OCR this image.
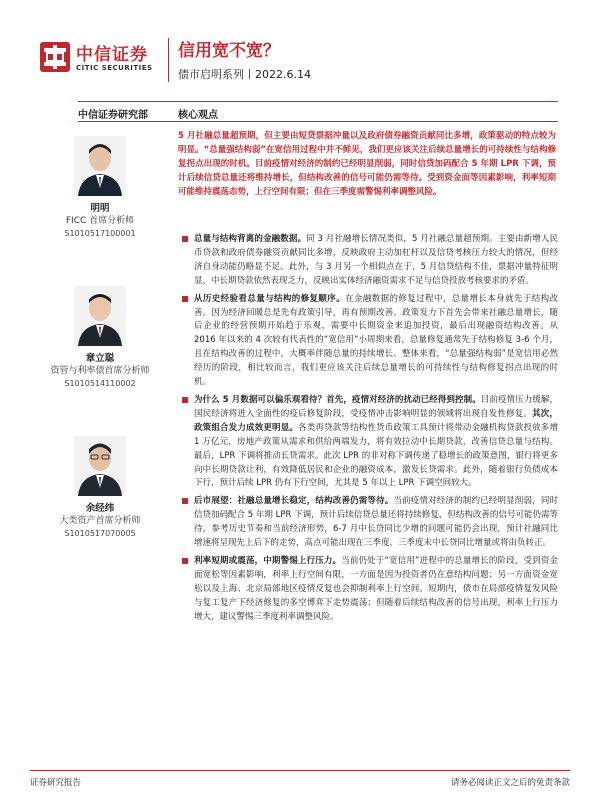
中信证券
CITIC SECURITIES
信用宽不宽？
债市启明系列丨2022.6.14
中信证券研究部	核心观点
明明
FICC 首席分析师
S1010517100001
章立聪
资管与利率债首席分析师
S1010514110002
余经纬
大类资产首席分析师
S1010517070005
5 月社融总量超预期，但主要由短贷票据冲量以及政府债券融资贡献同比多增，政策驱动的特点较为明显。“总量强结构弱”在宽信用过程中并不鲜见，我们更应该关注后续总量增长的可持续性与结构修复拐点出现的时机。目前疫情对经济的制约已经明显削弱，同时信贷加码配合 5 年期 LPR 下调，预计后续信贷总量还将维持增长，但结构改善的信号可能仍需等待。受到资金面等因素影响，利率短期可能维持震荡态势，上行空间有限；但在三季度需警惕利率调整风险。
总量与结构背离的金融数据。同 3 月社融增长情况类似，5 月社融总量超预期。主要由新增人民币贷款和政府债券融资贡献同比多增，反映政府主动加杠杆以及信贷考核压力较大的情况，但经济自身动能仍略显不足。此外，与 3 月另一个相似点在于，5 月信贷结构不佳，票据冲量特征明显，中长期贷款依然表现乏力，反映出实体经济融资需求不足与信贷投放考核要求的矛盾。
从历史经验看总量与结构的修复顺序。在金融数据的修复过程中，总量增长本身就先于结构改善。因为经济回暖总是先有政策引导，再有预期改善。政策发力下首先会带来社融总量增长，随后企业的经营预期开始趋于乐观，需要中长期资金来追加投资，最后出现融资结构改善。从 2016 年以来的 4 次较有代表性的“宽信用”小周期来看，总量修复通常先于结构修复 3-6 个月，且在结构改善的过程中，大概率伴随总量的持续增长。整体来看，“总量强结构弱”是宽信用必然经历的阶段，相比较而言，我们更应该关注后续总量增长的可持续性与结构修复拐点出现的时机。
为什么 5 月数据可以偏乐观看待？首先，疫情对经济的扰动已经得到控制。目前疫情压力缓解，国民经济将进入全面性的疫后修复阶段，受疫情冲击影响明显的领域将出现自发性修复。其次，政策组合发力成效更明显。各类再贷款等结构性货币政策工具预计将带动金融机构贷款投放多增 1 万亿元，房地产政策从需求和供给两端发力，将有效拉动中长期贷款，改善信贷总量与结构。最后，LPR 下调将推动长贷需求。此次 LPR 的非对称下调传递了稳增长的政策意图，银行将更多向中长期贷款让利，有效降低居民和企业的融资成本，激发长贷需求。此外，随着银行负债成本下行，预计后续 LPR 仍有下行空间，尤其是 5 年以上 LPR 下调空间较大。
后市展望：社融总量增长稳定，结构改善仍需等待。当前疫情对经济的制约已经明显削弱，同时信贷加码配合 5 年期 LPR 下调，预计后续信贷总量还将持续修复，但结构改善的信号可能仍需等待，参考历史节奏和当前经济形势，6-7 月中长贷同比少增的问题可能仍会出现，预计社融同比增速将呈现先上后下的走势，高点可能出现在三季度，三季度末中长贷同比增量或将由负转正。
利率短期或震荡，中期警惕上行压力。当前仍处于“宽信用”进程中的总量增长的阶段，受到资金面宽松等因素影响，利率上行空间有限，一方面是因为投资者仍在意结构问题；另一方面资金宽松以及上海、北京局部地区疫情反复也会抑制利率上行空间。短期内，债市在局部疫情复发风险与复工复产下经济修复的多空博弈下走势震荡；但随着后续结构改善的信号出现，利率上行压力增大，建议警惕三季度利率调整风险。
证券研究报告	请务必阅读正文之后的免责条款
